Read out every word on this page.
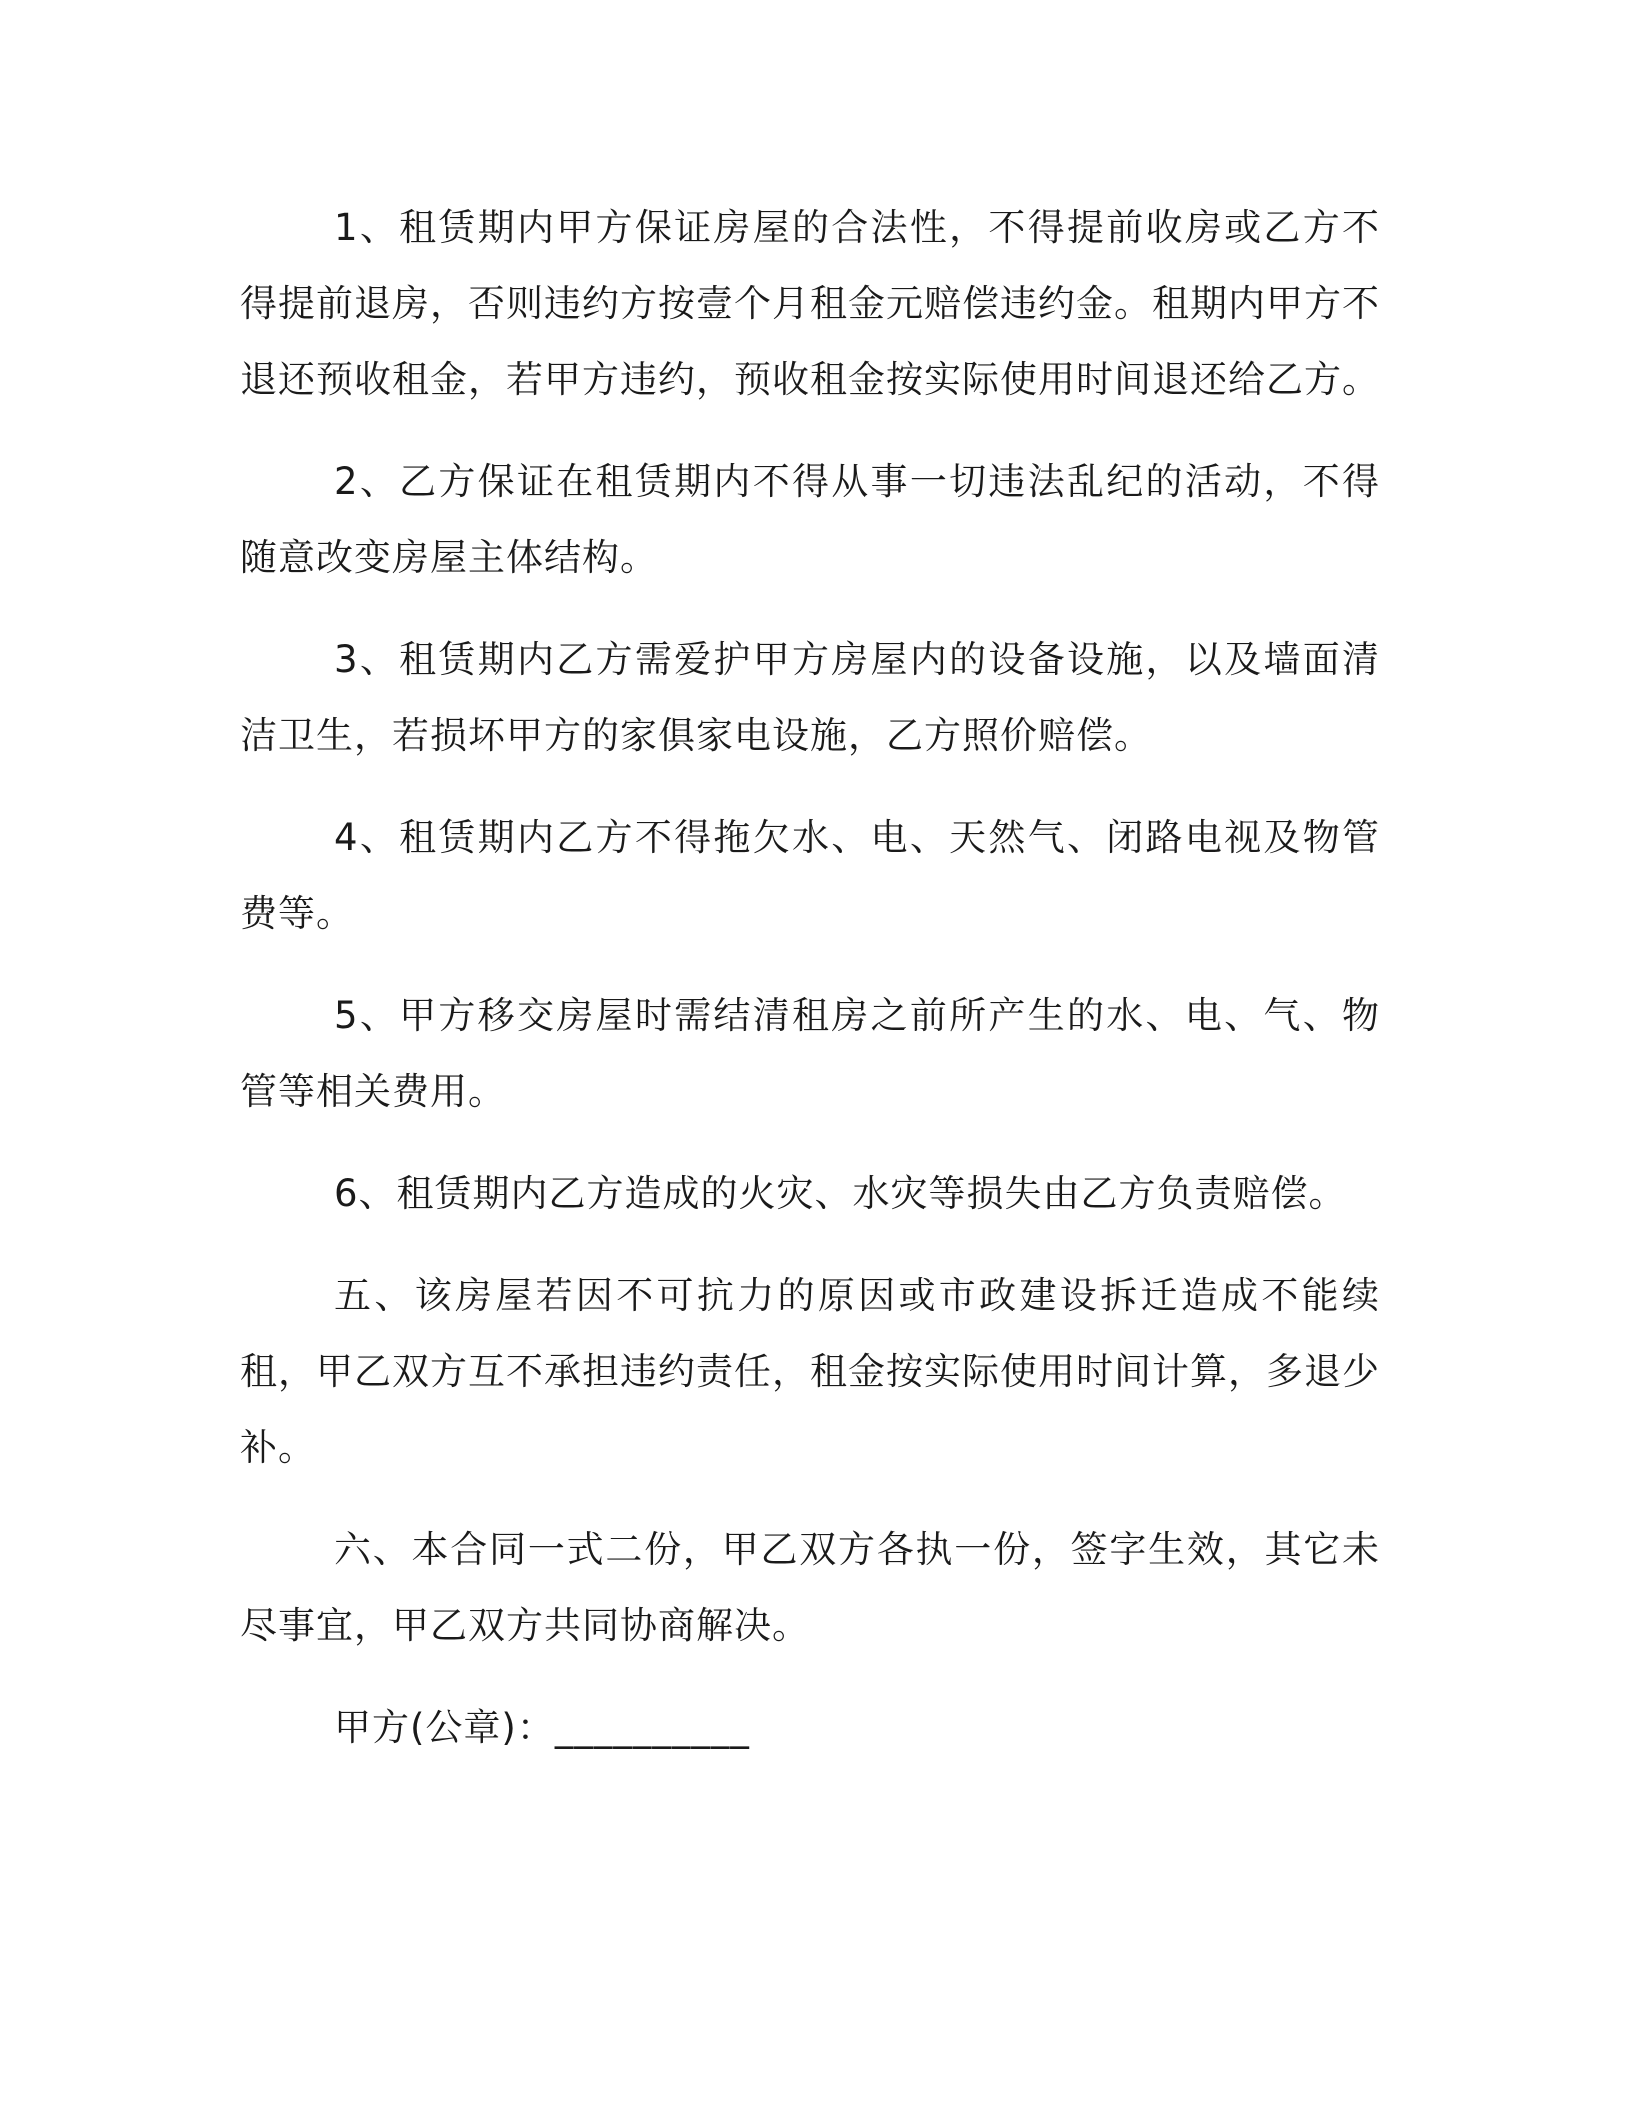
1、租赁期内甲方保证房屋的合法性，不得提前收房或乙方不得提前退房，否则违约方按壹个月租金元赔偿违约金。租期内甲方不退还预收租金，若甲方违约，预收租金按实际使用时间退还给乙方。

2、乙方保证在租赁期内不得从事一切违法乱纪的活动，不得随意改变房屋主体结构。

3、租赁期内乙方需爱护甲方房屋内的设备设施，以及墙面清洁卫生，若损坏甲方的家俱家电设施，乙方照价赔偿。

4、租赁期内乙方不得拖欠水、电、天然气、闭路电视及物管费等。

5、甲方移交房屋时需结清租房之前所产生的水、电、气、物管等相关费用。

6、租赁期内乙方造成的火灾、水灾等损失由乙方负责赔偿。

五、该房屋若因不可抗力的原因或市政建设拆迁造成不能续租，甲乙双方互不承担违约责任，租金按实际使用时间计算，多退少补。

六、本合同一式二份，甲乙双方各执一份，签字生效，其它未尽事宜，甲乙双方共同协商解决。

甲方(公章)：__________
